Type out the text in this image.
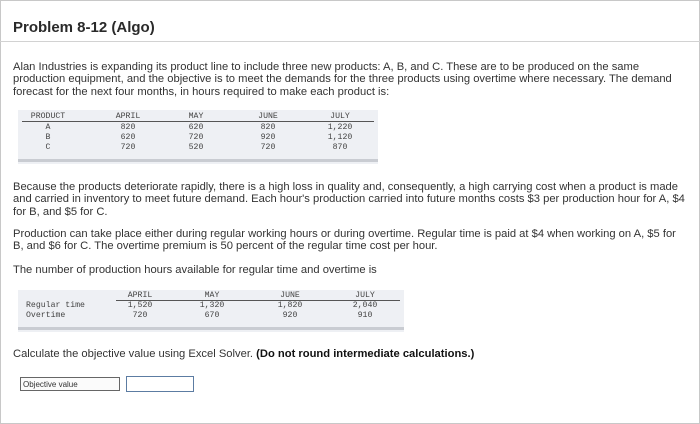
Problem 8-12 (Algo)
Alan Industries is expanding its product line to include three new products: A, B, and C. These are to be produced on the same production equipment, and the objective is to meet the demands for the three products using overtime where necessary. The demand forecast for the next four months, in hours required to make each product is:
PRODUCT	APRIL	MAY	JUNE	JULY
A	820	620	820	1,220
B	620	720	920	1,120
C	720	520	720	870
Because the products deteriorate rapidly, there is a high loss in quality and, consequently, a high carrying cost when a product is made and carried in inventory to meet future demand. Each hour's production carried into future months costs $3 per production hour for A, $4 for B, and $5 for C.
Production can take place either during regular working hours or during overtime. Regular time is paid at $4 when working on A, $5 for B, and $6 for C. The overtime premium is 50 percent of the regular time cost per hour.
The number of production hours available for regular time and overtime is
APRIL	MAY	JUNE	JULY
Regular time	1,520	1,320	1,820	2,040
Overtime	720	670	920	910
Calculate the objective value using Excel Solver. (Do not round intermediate calculations.)
Objective value
